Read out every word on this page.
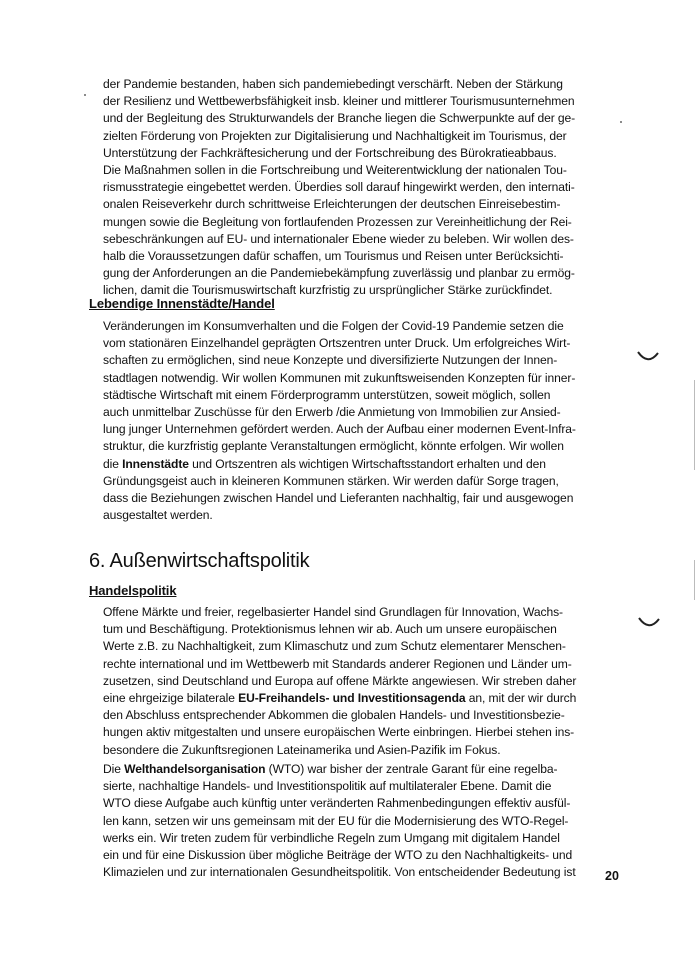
der Pandemie bestanden, haben sich pandemiebedingt verschärft. Neben der Stärkung
der Resilienz und Wettbewerbsfähigkeit insb. kleiner und mittlerer Tourismusunternehmen
und der Begleitung des Strukturwandels der Branche liegen die Schwerpunkte auf der ge-
zielten Förderung von Projekten zur Digitalisierung und Nachhaltigkeit im Tourismus, der
Unterstützung der Fachkräftesicherung und der Fortschreibung des Bürokratieabbaus.
Die Maßnahmen sollen in die Fortschreibung und Weiterentwicklung der nationalen Tou-
rismusstrategie eingebettet werden. Überdies soll darauf hingewirkt werden, den internati-
onalen Reiseverkehr durch schrittweise Erleichterungen der deutschen Einreisebestim-
mungen sowie die Begleitung von fortlaufenden Prozessen zur Vereinheitlichung der Rei-
sebeschränkungen auf EU- und internationaler Ebene wieder zu beleben. Wir wollen des-
halb die Voraussetzungen dafür schaffen, um Tourismus und Reisen unter Berücksichti-
gung der Anforderungen an die Pandemiebekämpfung zuverlässig und planbar zu ermög-
lichen, damit die Tourismuswirtschaft kurzfristig zu ursprünglicher Stärke zurückfindet.
Lebendige Innenstädte/Handel
Veränderungen im Konsumverhalten und die Folgen der Covid-19 Pandemie setzen die
vom stationären Einzelhandel geprägten Ortszentren unter Druck. Um erfolgreiches Wirt-
schaften zu ermöglichen, sind neue Konzepte und diversifizierte Nutzungen der Innen-
stadtlagen notwendig. Wir wollen Kommunen mit zukunftsweisenden Konzepten für inner-
städtische Wirtschaft mit einem Förderprogramm unterstützen, soweit möglich, sollen
auch unmittelbar Zuschüsse für den Erwerb /die Anmietung von Immobilien zur Ansied-
lung junger Unternehmen gefördert werden. Auch der Aufbau einer modernen Event-Infra-
struktur, die kurzfristig geplante Veranstaltungen ermöglicht, könnte erfolgen. Wir wollen
die Innenstädte und Ortszentren als wichtigen Wirtschaftsstandort erhalten und den
Gründungsgeist auch in kleineren Kommunen stärken. Wir werden dafür Sorge tragen,
dass die Beziehungen zwischen Handel und Lieferanten nachhaltig, fair und ausgewogen
ausgestaltet werden.
6. Außenwirtschaftspolitik
Handelspolitik
Offene Märkte und freier, regelbasierter Handel sind Grundlagen für Innovation, Wachs-
tum und Beschäftigung. Protektionismus lehnen wir ab. Auch um unsere europäischen
Werte z.B. zu Nachhaltigkeit, zum Klimaschutz und zum Schutz elementarer Menschen-
rechte international und im Wettbewerb mit Standards anderer Regionen und Länder um-
zusetzen, sind Deutschland und Europa auf offene Märkte angewiesen. Wir streben daher
eine ehrgeizige bilaterale EU-Freihandels- und Investitionsagenda an, mit der wir durch
den Abschluss entsprechender Abkommen die globalen Handels- und Investitionsbezie-
hungen aktiv mitgestalten und unsere europäischen Werte einbringen. Hierbei stehen ins-
besondere die Zukunftsregionen Lateinamerika und Asien-Pazifik im Fokus.
Die Welthandelsorganisation (WTO) war bisher der zentrale Garant für eine regelba-
sierte, nachhaltige Handels- und Investitionspolitik auf multilateraler Ebene. Damit die
WTO diese Aufgabe auch künftig unter veränderten Rahmenbedingungen effektiv ausfül-
len kann, setzen wir uns gemeinsam mit der EU für die Modernisierung des WTO-Regel-
werks ein. Wir treten zudem für verbindliche Regeln zum Umgang mit digitalem Handel
ein und für eine Diskussion über mögliche Beiträge der WTO zu den Nachhaltigkeits- und
Klimazielen und zur internationalen Gesundheitspolitik. Von entscheidender Bedeutung ist	20
